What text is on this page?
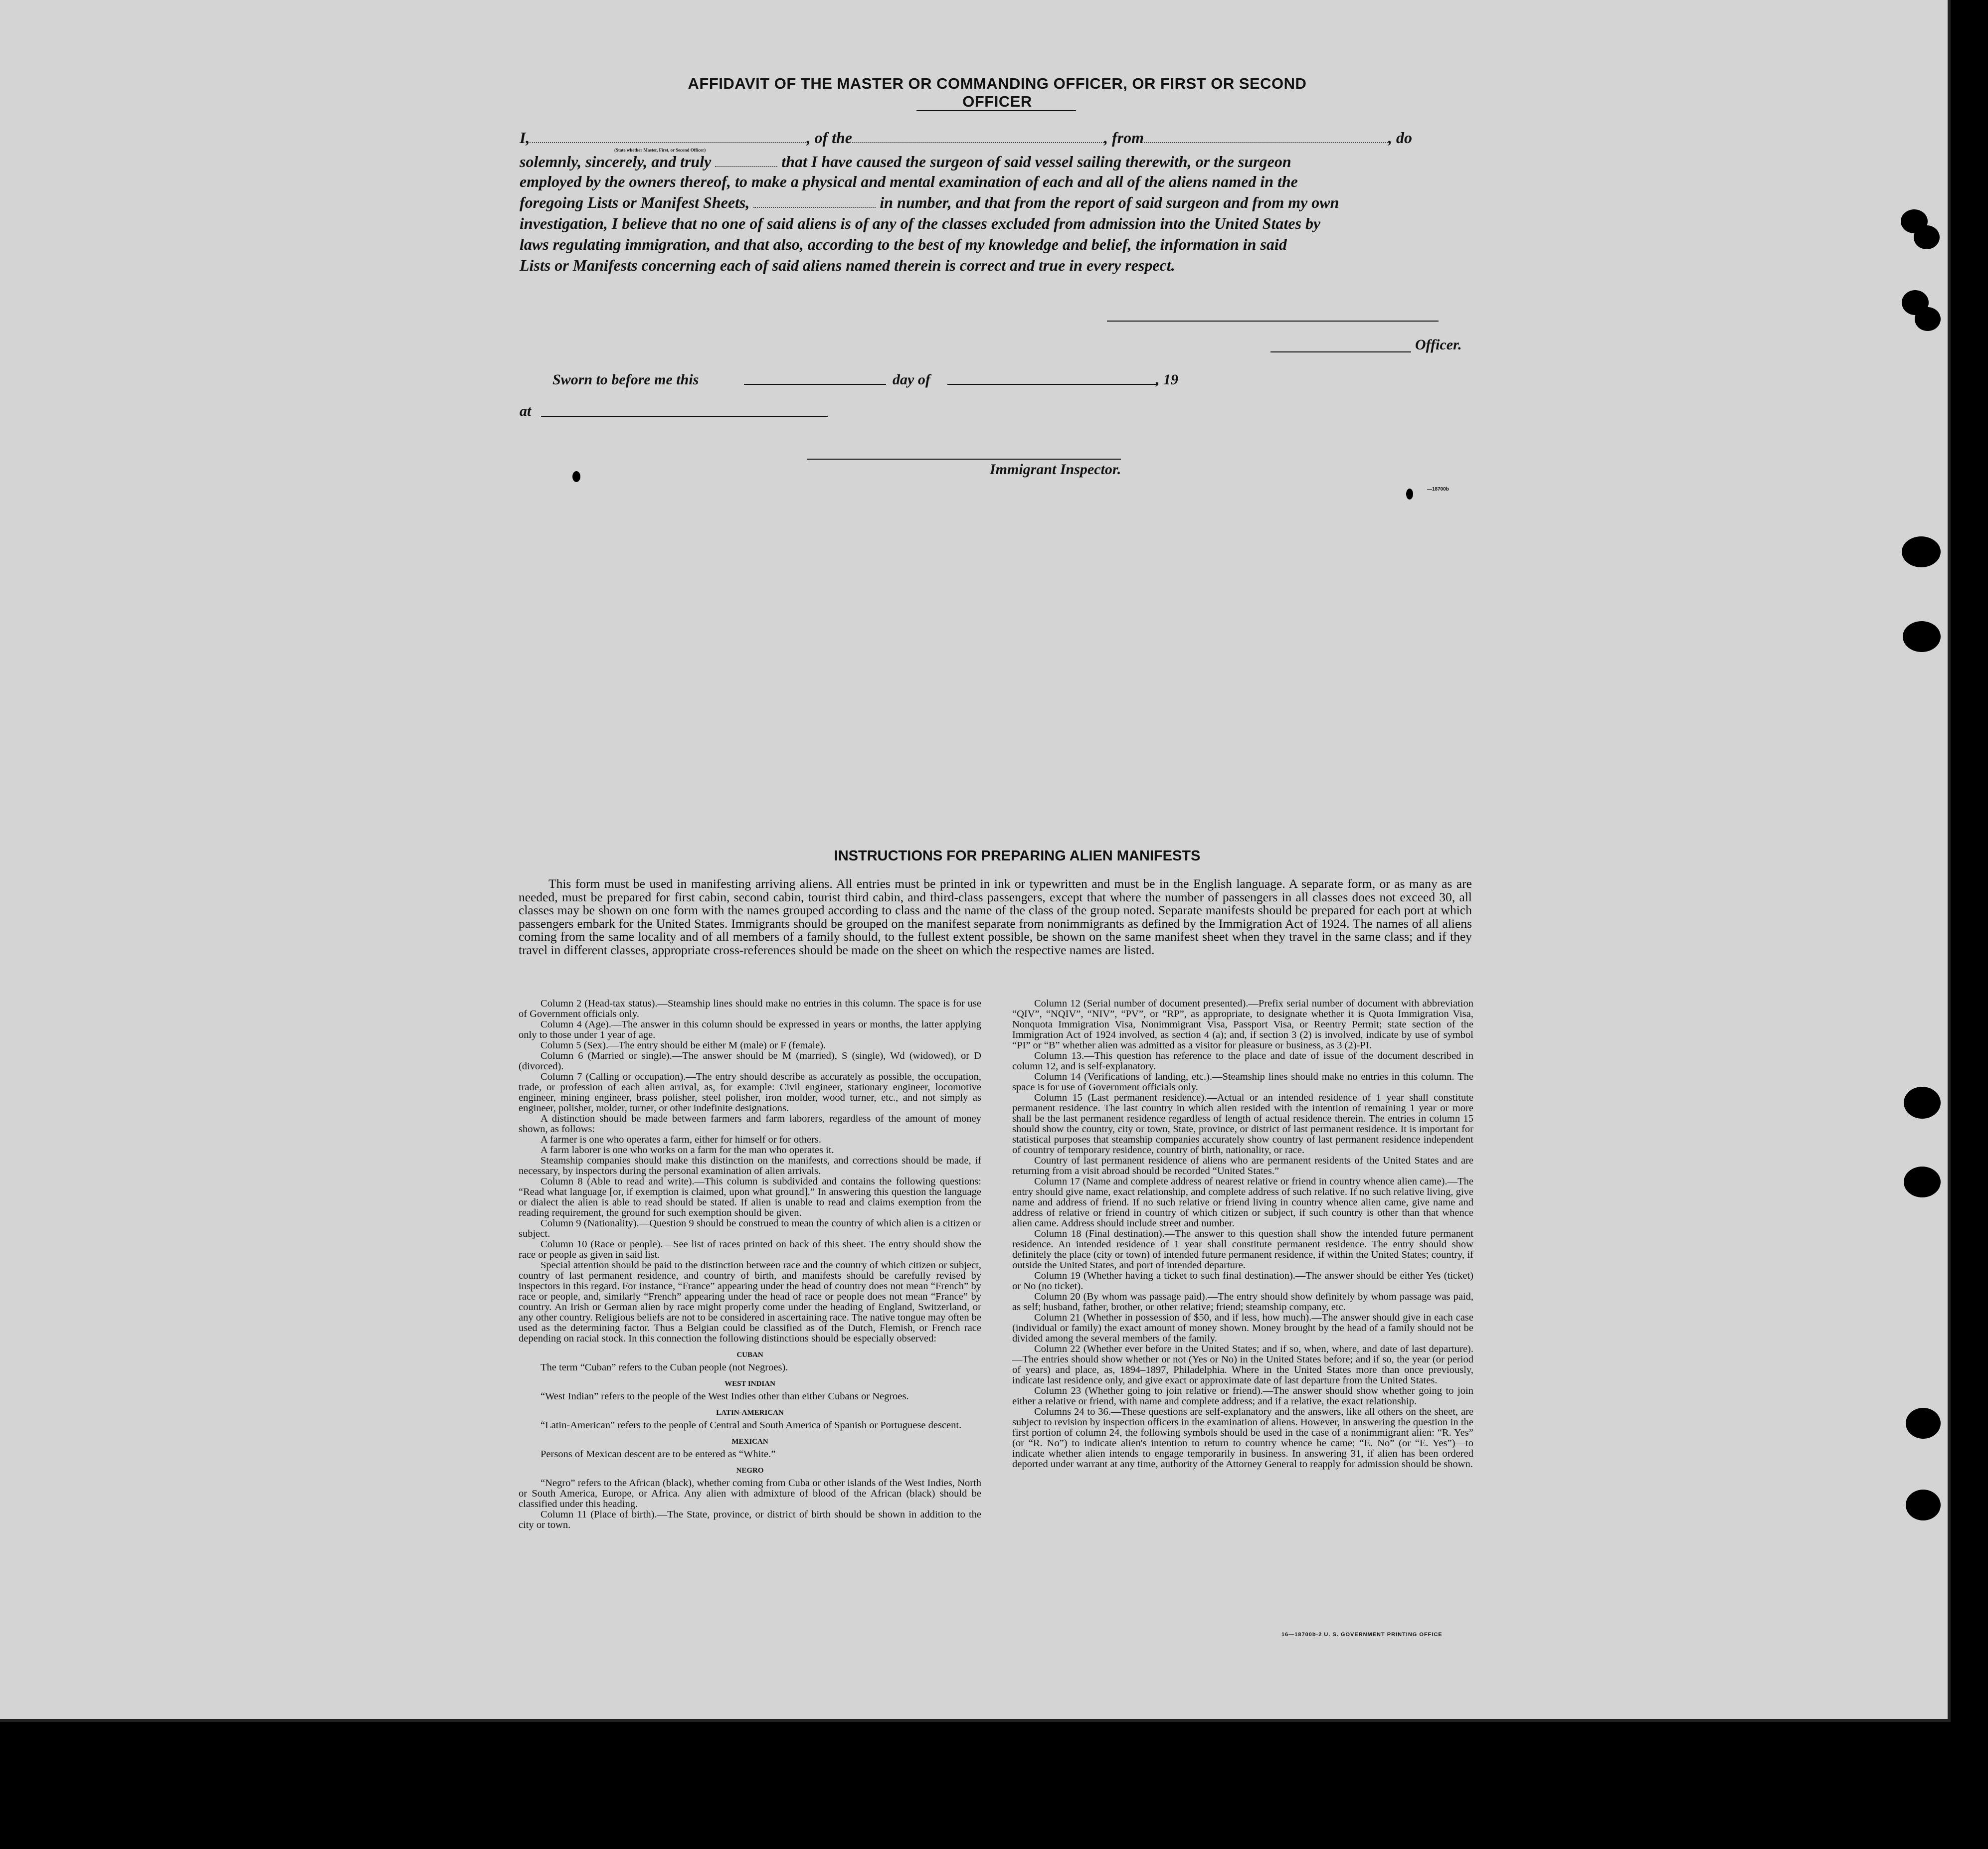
AFFIDAVIT OF THE MASTER OR COMMANDING OFFICER, OR FIRST OR SECOND OFFICER
I,	, of the	, from	, do
(State whether Master, First, or Second Officer)
solemnly, sincerely, and truly	that I have caused the surgeon of said vessel sailing therewith, or the surgeon
employed by the owners thereof, to make a physical and mental examination of each and all of the aliens named in the
foregoing Lists or Manifest Sheets,	in number, and that from the report of said surgeon and from my own
investigation, I believe that no one of said aliens is of any of the classes excluded from admission into the United States by
laws regulating immigration, and that also, according to the best of my knowledge and belief, the information in said
Lists or Manifests concerning each of said aliens named therein is correct and true in every respect.
Officer.
Sworn to before me this	day of	, 19
at
Immigrant Inspector.
—18700b
INSTRUCTIONS FOR PREPARING ALIEN MANIFESTS
This form must be used in manifesting arriving aliens. All entries must be printed in ink or typewritten and must be in the English language. A separate form, or as many as are needed, must be prepared for first cabin, second cabin, tourist third cabin, and third-class passengers, except that where the number of passengers in all classes does not exceed 30, all classes may be shown on one form with the names grouped according to class and the name of the class of the group noted. Separate manifests should be prepared for each port at which passengers embark for the United States. Immigrants should be grouped on the manifest separate from nonimmigrants as defined by the Immigration Act of 1924. The names of all aliens coming from the same locality and of all members of a family should, to the fullest extent possible, be shown on the same manifest sheet when they travel in the same class; and if they travel in different classes, appropriate cross-references should be made on the sheet on which the respective names are listed.

Column 2 (Head-tax status).—Steamship lines should make no entries in this column. The space is for use of Government officials only.

Column 4 (Age).—The answer in this column should be expressed in years or months, the latter applying only to those under 1 year of age.

Column 5 (Sex).—The entry should be either M (male) or F (female).

Column 6 (Married or single).—The answer should be M (married), S (single), Wd (widowed), or D (divorced).

Column 7 (Calling or occupation).—The entry should describe as accurately as possible, the occupation, trade, or profession of each alien arrival, as, for example: Civil engineer, stationary engineer, locomotive engineer, mining engineer, brass polisher, steel polisher, iron molder, wood turner, etc., and not simply as engineer, polisher, molder, turner, or other indefinite designations.

A distinction should be made between farmers and farm laborers, regardless of the amount of money shown, as follows:

A farmer is one who operates a farm, either for himself or for others.

A farm laborer is one who works on a farm for the man who operates it.

Steamship companies should make this distinction on the manifests, and corrections should be made, if necessary, by inspectors during the personal examination of alien arrivals.

Column 8 (Able to read and write).—This column is subdivided and contains the following questions: “Read what language [or, if exemption is claimed, upon what ground].” In answering this question the language or dialect the alien is able to read should be stated. If alien is unable to read and claims exemption from the reading requirement, the ground for such exemption should be given.

Column 9 (Nationality).—Question 9 should be construed to mean the country of which alien is a citizen or subject.

Column 10 (Race or people).—See list of races printed on back of this sheet. The entry should show the race or people as given in said list.

Special attention should be paid to the distinction between race and the country of which citizen or subject, country of last permanent residence, and country of birth, and manifests should be carefully revised by inspectors in this regard. For instance, “France” appearing under the head of country does not mean “French” by race or people, and, similarly “French” appearing under the head of race or people does not mean “France” by country. An Irish or German alien by race might properly come under the heading of England, Switzerland, or any other country. Religious beliefs are not to be considered in ascertaining race. The native tongue may often be used as the determining factor. Thus a Belgian could be classified as of the Dutch, Flemish, or French race depending on racial stock. In this connection the following distinctions should be especially observed:

CUBAN

The term “Cuban” refers to the Cuban people (not Negroes).

WEST INDIAN

“West Indian” refers to the people of the West Indies other than either Cubans or Negroes.

LATIN-AMERICAN

“Latin-American” refers to the people of Central and South America of Spanish or Portuguese descent.

MEXICAN

Persons of Mexican descent are to be entered as “White.”

NEGRO

“Negro” refers to the African (black), whether coming from Cuba or other islands of the West Indies, North or South America, Europe, or Africa. Any alien with admixture of blood of the African (black) should be classified under this heading.

Column 11 (Place of birth).—The State, province, or district of birth should be shown in addition to the city or town.

Column 12 (Serial number of document presented).—Prefix serial number of document with abbreviation “QIV”, “NQIV”, “NIV”, “PV”, or “RP”, as appropriate, to designate whether it is Quota Immigration Visa, Nonquota Immigration Visa, Nonimmigrant Visa, Passport Visa, or Reentry Permit; state section of the Immigration Act of 1924 involved, as section 4 (a); and, if section 3 (2) is involved, indicate by use of symbol “PI” or “B” whether alien was admitted as a visitor for pleasure or business, as 3 (2)-PI.

Column 13.—This question has reference to the place and date of issue of the document described in column 12, and is self-explanatory.

Column 14 (Verifications of landing, etc.).—Steamship lines should make no entries in this column. The space is for use of Government officials only.

Column 15 (Last permanent residence).—Actual or an intended residence of 1 year shall constitute permanent residence. The last country in which alien resided with the intention of remaining 1 year or more shall be the last permanent residence regardless of length of actual residence therein. The entries in column 15 should show the country, city or town, State, province, or district of last permanent residence. It is important for statistical purposes that steamship companies accurately show country of last permanent residence independent of country of temporary residence, country of birth, nationality, or race.

Country of last permanent residence of aliens who are permanent residents of the United States and are returning from a visit abroad should be recorded “United States.”

Column 17 (Name and complete address of nearest relative or friend in country whence alien came).—The entry should give name, exact relationship, and complete address of such relative. If no such relative living, give name and address of friend. If no such relative or friend living in country whence alien came, give name and address of relative or friend in country of which citizen or subject, if such country is other than that whence alien came. Address should include street and number.

Column 18 (Final destination).—The answer to this question shall show the intended future permanent residence. An intended residence of 1 year shall constitute permanent residence. The entry should show definitely the place (city or town) of intended future permanent residence, if within the United States; country, if outside the United States, and port of intended departure.

Column 19 (Whether having a ticket to such final destination).—The answer should be either Yes (ticket) or No (no ticket).

Column 20 (By whom was passage paid).—The entry should show definitely by whom passage was paid, as self; husband, father, brother, or other relative; friend; steamship company, etc.

Column 21 (Whether in possession of $50, and if less, how much).—The answer should give in each case (individual or family) the exact amount of money shown. Money brought by the head of a family should not be divided among the several members of the family.

Column 22 (Whether ever before in the United States; and if so, when, where, and date of last departure).—The entries should show whether or not (Yes or No) in the United States before; and if so, the year (or period of years) and place, as, 1894–1897, Philadelphia. Where in the United States more than once previously, indicate last residence only, and give exact or approximate date of last departure from the United States.

Column 23 (Whether going to join relative or friend).—The answer should show whether going to join either a relative or friend, with name and complete address; and if a relative, the exact relationship.

Columns 24 to 36.—These questions are self-explanatory and the answers, like all others on the sheet, are subject to revision by inspection officers in the examination of aliens. However, in answering the question in the first portion of column 24, the following symbols should be used in the case of a nonimmigrant alien: “R. Yes” (or “R. No”) to indicate alien's intention to return to country whence he came; “E. No” (or “E. Yes”)—to indicate whether alien intends to engage temporarily in business. In answering 31, if alien has been ordered deported under warrant at any time, authority of the Attorney General to reapply for admission should be shown.

16—18700b-2 U. S. GOVERNMENT PRINTING OFFICE
